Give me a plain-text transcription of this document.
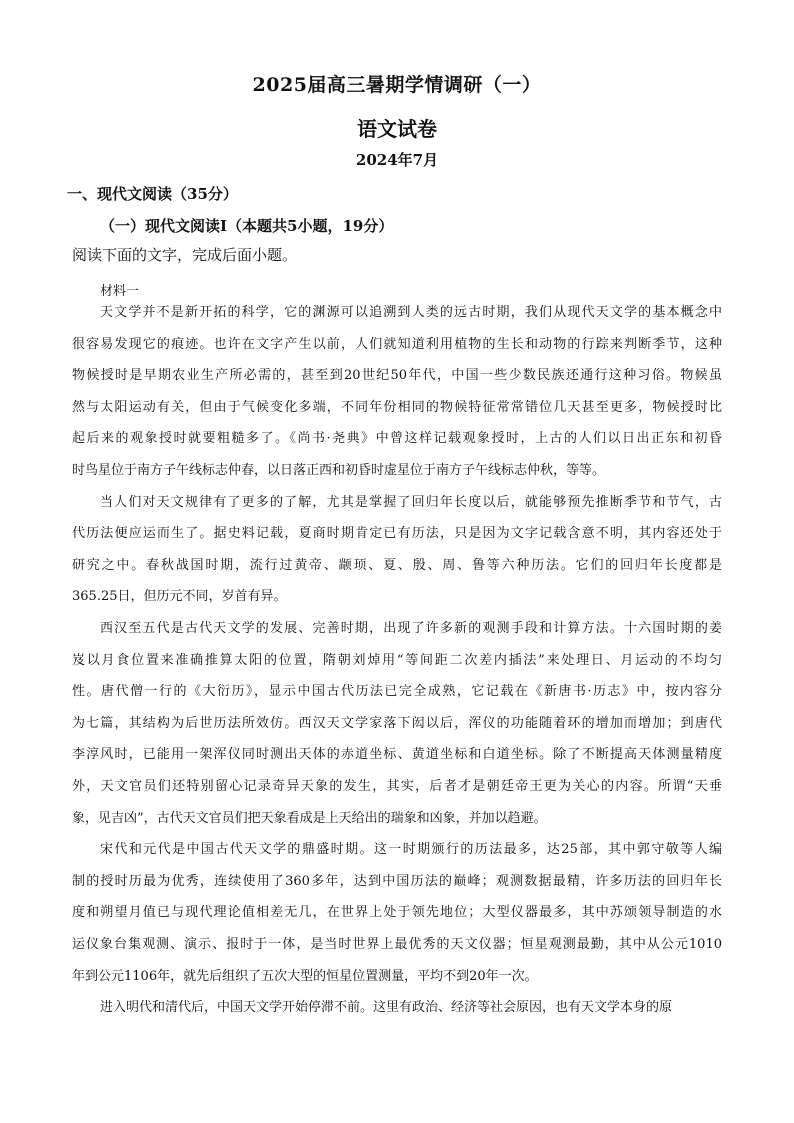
2025届高三暑期学情调研（一）
语文试卷
2024年7月
一、现代文阅读（35分）
（一）现代文阅读Ⅰ（本题共5小题，19分）
阅读下面的文字，完成后面小题。
材料一
天文学并不是新开拓的科学，它的渊源可以追溯到人类的远古时期，我们从现代天文学的基本概念中
很容易发现它的痕迹。也许在文字产生以前，人们就知道利用植物的生长和动物的行踪来判断季节，这种
物候授时是早期农业生产所必需的，甚至到20世纪50年代，中国一些少数民族还通行这种习俗。物候虽
然与太阳运动有关，但由于气候变化多端，不同年份相同的物候特征常常错位几天甚至更多，物候授时比
起后来的观象授时就要粗糙多了。《尚书·尧典》中曾这样记载观象授时，上古的人们以日出正东和初昏
时鸟星位于南方子午线标志仲春，以日落正西和初昏时虚星位于南方子午线标志仲秋，等等。
当人们对天文规律有了更多的了解，尤其是掌握了回归年长度以后，就能够预先推断季节和节气，古
代历法便应运而生了。据史料记载，夏商时期肯定已有历法，只是因为文字记载含意不明，其内容还处于
研究之中。春秋战国时期，流行过黄帝、颛顼、夏、殷、周、鲁等六种历法。它们的回归年长度都是
365.25日，但历元不同，岁首有异。
西汉至五代是古代天文学的发展、完善时期，出现了许多新的观测手段和计算方法。十六国时期的姜
岌以月食位置来准确推算太阳的位置，隋朝刘焯用“等间距二次差内插法”来处理日、月运动的不均匀
性。唐代僧一行的《大衍历》，显示中国古代历法已完全成熟，它记载在《新唐书·历志》中，按内容分
为七篇，其结构为后世历法所效仿。西汉天文学家落下闳以后，浑仪的功能随着环的增加而增加；到唐代
李淳风时，已能用一架浑仪同时测出天体的赤道坐标、黄道坐标和白道坐标。除了不断提高天体测量精度
外，天文官员们还特别留心记录奇异天象的发生，其实，后者才是朝廷帝王更为关心的内容。所谓“天垂
象，见吉凶”，古代天文官员们把天象看成是上天给出的瑞象和凶象，并加以趋避。
宋代和元代是中国古代天文学的鼎盛时期。这一时期颁行的历法最多，达25部，其中郭守敬等人编
制的授时历最为优秀，连续使用了360多年，达到中国历法的巅峰；观测数据最精，许多历法的回归年长
度和朔望月值已与现代理论值相差无几，在世界上处于领先地位；大型仪器最多，其中苏颂领导制造的水
运仪象台集观测、演示、报时于一体，是当时世界上最优秀的天文仪器；恒星观测最勤，其中从公元1010
年到公元1106年，就先后组织了五次大型的恒星位置测量，平均不到20年一次。
进入明代和清代后，中国天文学开始停滞不前。这里有政治、经济等社会原因，也有天文学本身的原
